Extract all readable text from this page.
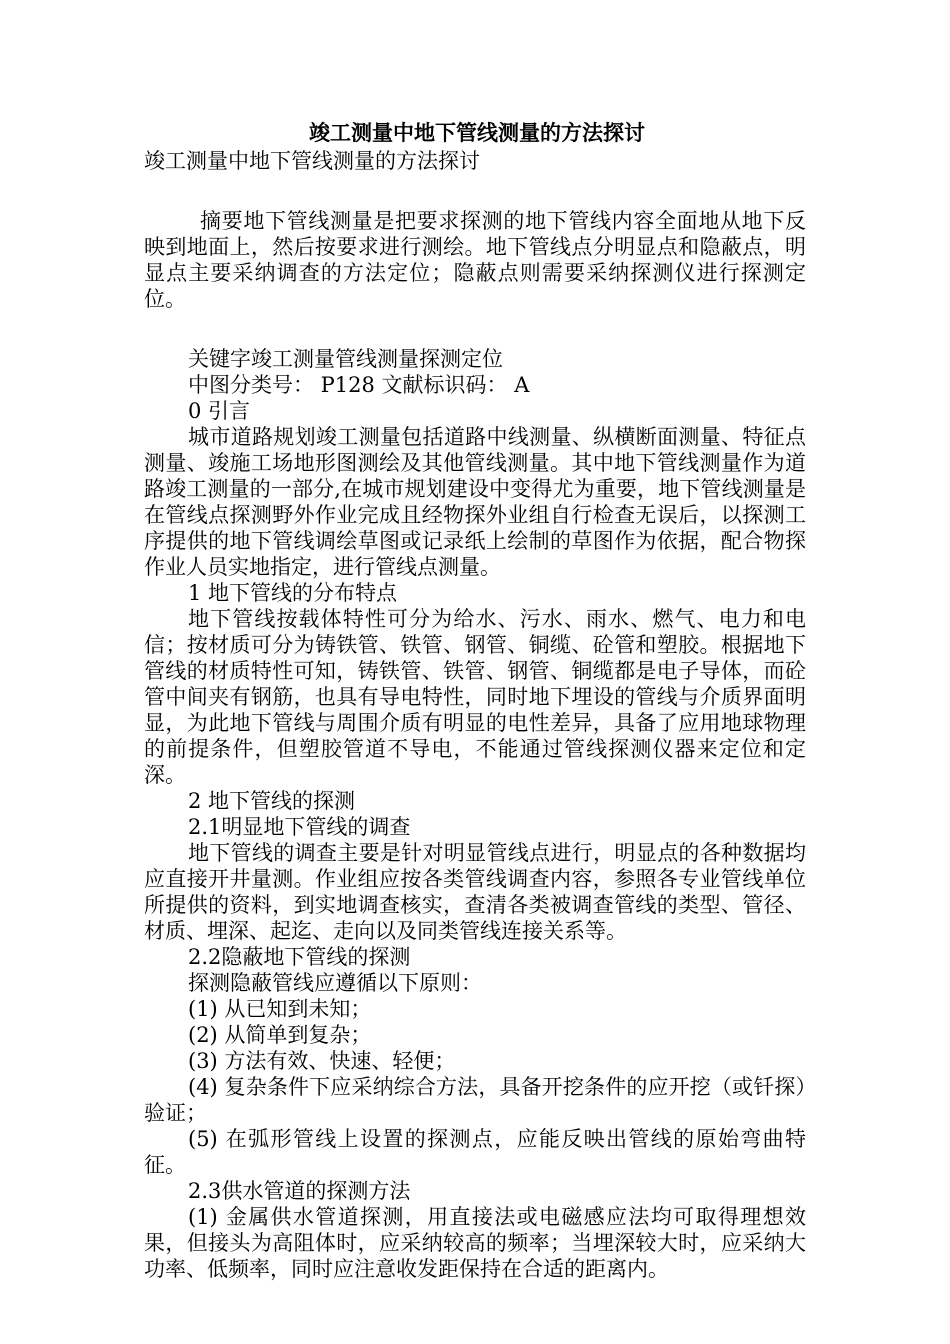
竣工测量中地下管线测量的方法探讨
竣工测量中地下管线测量的方法探讨

摘要地下管线测量是把要求探测的地下管线内容全面地从地下反映到地面上，然后按要求进行测绘。地下管线点分明显点和隐蔽点，明显点主要采纳调查的方法定位；隐蔽点则需要采纳探测仪进行探测定位。

关键字竣工测量管线测量探测定位

中图分类号： P128 文献标识码： A

0 引言

城市道路规划竣工测量包括道路中线测量、纵横断面测量、特征点测量、竣施工场地形图测绘及其他管线测量。其中地下管线测量作为道路竣工测量的一部分,在城市规划建设中变得尤为重要，地下管线测量是在管线点探测野外作业完成且经物探外业组自行检查无误后，以探测工序提供的地下管线调绘草图或记录纸上绘制的草图作为依据，配合物探作业人员实地指定，进行管线点测量。

1 地下管线的分布特点

地下管线按载体特性可分为给水、污水、雨水、燃气、电力和电信；按材质可分为铸铁管、铁管、钢管、铜缆、砼管和塑胶。根据地下管线的材质特性可知，铸铁管、铁管、钢管、铜缆都是电子导体，而砼管中间夹有钢筋，也具有导电特性，同时地下埋设的管线与介质界面明显，为此地下管线与周围介质有明显的电性差异，具备了应用地球物理的前提条件，但塑胶管道不导电，不能通过管线探测仪器来定位和定深。

2 地下管线的探测

2.1明显地下管线的调查

地下管线的调查主要是针对明显管线点进行，明显点的各种数据均应直接开井量测。作业组应按各类管线调查内容，参照各专业管线单位所提供的资料，到实地调查核实，查清各类被调查管线的类型、管径、材质、埋深、起迄、走向以及同类管线连接关系等。

2.2隐蔽地下管线的探测

探测隐蔽管线应遵循以下原则：

(1) 从已知到未知；

(2) 从简单到复杂；

(3) 方法有效、快速、轻便；

(4) 复杂条件下应采纳综合方法，具备开挖条件的应开挖（或钎探）验证；

(5) 在弧形管线上设置的探测点，应能反映出管线的原始弯曲特征。

2.3供水管道的探测方法

(1) 金属供水管道探测，用直接法或电磁感应法均可取得理想效果，但接头为高阻体时，应采纳较高的频率；当埋深较大时，应采纳大功率、低频率，同时应注意收发距保持在合适的距离内。
